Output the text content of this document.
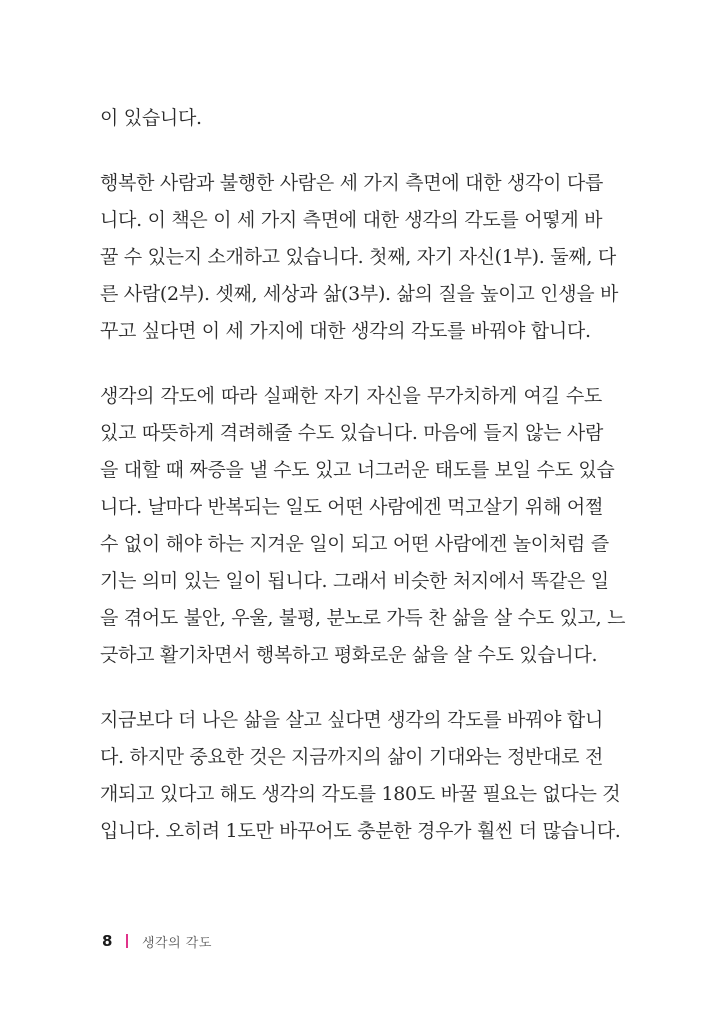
이 있습니다.
행복한 사람과 불행한 사람은 세 가지 측면에 대한 생각이 다릅
니다. 이 책은 이 세 가지 측면에 대한 생각의 각도를 어떻게 바
꿀 수 있는지 소개하고 있습니다. 첫째, 자기 자신(1부). 둘째, 다
른 사람(2부). 셋째, 세상과 삶(3부). 삶의 질을 높이고 인생을 바
꾸고 싶다면 이 세 가지에 대한 생각의 각도를 바꿔야 합니다.
생각의 각도에 따라 실패한 자기 자신을 무가치하게 여길 수도
있고 따뜻하게 격려해줄 수도 있습니다. 마음에 들지 않는 사람
을 대할 때 짜증을 낼 수도 있고 너그러운 태도를 보일 수도 있습
니다. 날마다 반복되는 일도 어떤 사람에겐 먹고살기 위해 어쩔
수 없이 해야 하는 지겨운 일이 되고 어떤 사람에겐 놀이처럼 즐
기는 의미 있는 일이 됩니다. 그래서 비슷한 처지에서 똑같은 일
을 겪어도 불안, 우울, 불평, 분노로 가득 찬 삶을 살 수도 있고, 느
긋하고 활기차면서 행복하고 평화로운 삶을 살 수도 있습니다.
지금보다 더 나은 삶을 살고 싶다면 생각의 각도를 바꿔야 합니
다. 하지만 중요한 것은 지금까지의 삶이 기대와는 정반대로 전
개되고 있다고 해도 생각의 각도를 180도 바꿀 필요는 없다는 것
입니다. 오히려 1도만 바꾸어도 충분한 경우가 훨씬 더 많습니다.
8	생각의 각도
